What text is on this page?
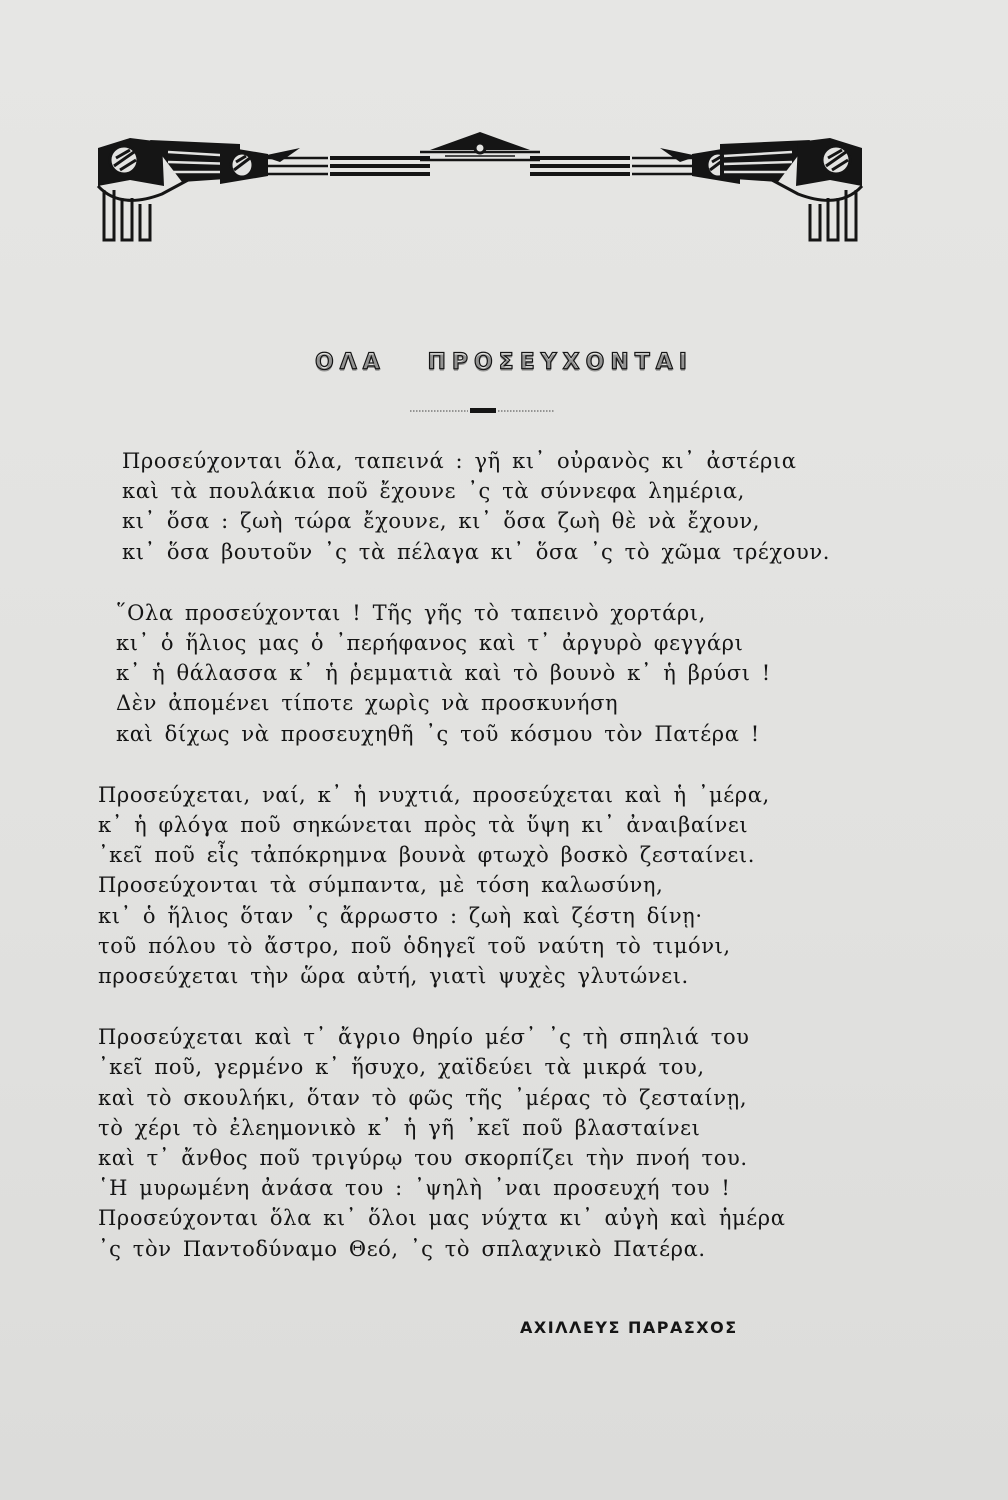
ΟΛΑ ΠΡΟΣΕΥΧΟΝΤΑΙ
Προσεύχονται ὅλα, ταπεινά : γῆ κι᾽ οὐρανὸς κι᾽ ἀστέρια
καὶ τὰ πουλάκια ποῦ ἔχουνε ᾽ς τὰ σύννεφα λημέρια,
κι᾽ ὅσα : ζωὴ τώρα ἔχουνε, κι᾽ ὅσα ζωὴ θὲ νὰ ἔχουν,
κι᾽ ὅσα βουτοῦν ᾽ς τὰ πέλαγα κι᾽ ὅσα ᾽ς τὸ χῶμα τρέχουν.
῞Ολα προσεύχονται ! Τῆς γῆς τὸ ταπεινὸ χορτάρι,
κι᾽ ὁ ἥλιος μας ὁ ᾽περήφανος καὶ τ᾽ ἀργυρὸ φεγγάρι
κ᾽ ἡ θάλασσα κ᾽ ἡ ῥεμματιὰ καὶ τὸ βουνὸ κ᾽ ἡ βρύσι !
Δὲν ἀπομένει τίποτε χωρὶς νὰ προσκυνήση
καὶ δίχως νὰ προσευχηθῆ ᾽ς τοῦ κόσμου τὸν Πατέρα !
Προσεύχεται, ναί, κ᾽ ἡ νυχτιά, προσεύχεται καὶ ἡ ᾽μέρα,
κ᾽ ἡ φλόγα ποῦ σηκώνεται πρὸς τὰ ὕψη κι᾽ ἀναιβαίνει
᾽κεῖ ποῦ εἶς τἀπόκρημνα βουνὰ φτωχὸ βοσκὸ ζεσταίνει.
Προσεύχονται τὰ σύμπαντα, μὲ τόση καλωσύνη,
κι᾽ ὁ ἥλιος ὅταν ᾽ς ἄρρωστο : ζωὴ καὶ ζέστη δίνῃ·
τοῦ πόλου τὸ ἄστρο, ποῦ ὁδηγεῖ τοῦ ναύτη τὸ τιμόνι,
προσεύχεται τὴν ὥρα αὐτή, γιατὶ ψυχὲς γλυτώνει.
Προσεύχεται καὶ τ᾽ ἄγριο θηρίο μέσ᾽ ᾽ς τὴ σπηλιά του
᾽κεῖ ποῦ, γερμένο κ᾽ ἥσυχο, χαϊδεύει τὰ μικρά του,
καὶ τὸ σκουλήκι, ὅταν τὸ φῶς τῆς ᾽μέρας τὸ ζεσταίνῃ,
τὸ χέρι τὸ ἐλεημονικὸ κ᾽ ἡ γῆ ᾽κεῖ ποῦ βλασταίνει
καὶ τ᾽ ἄνθος ποῦ τριγύρῳ του σκορπίζει τὴν πνοή του.
῾Η μυρωμένη ἀνάσα του : ᾽ψηλὴ ᾽ναι προσευχή του !
Προσεύχονται ὅλα κι᾽ ὅλοι μας νύχτα κι᾽ αὐγὴ καὶ ἡμέρα
᾽ς τὸν Παντοδύναμο Θεό, ᾽ς τὸ σπλαχνικὸ Πατέρα.
ΑΧΙΛΛΕΥΣ ΠΑΡΑΣΧΟΣ
